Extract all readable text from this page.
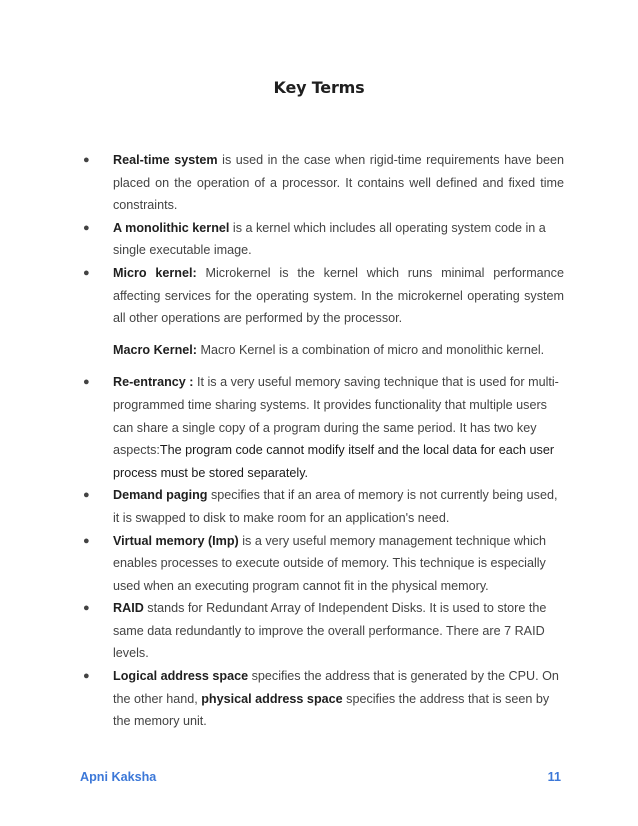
Key Terms
● Real-time system is used in the case when rigid-time requirements have been placed on the operation of a processor. It contains well defined and fixed time constraints.
● A monolithic kernel is a kernel which includes all operating system code in a single executable image.
● Micro kernel: Microkernel is the kernel which runs minimal performance affecting services for the operating system. In the microkernel operating system all other operations are performed by the processor.

Macro Kernel: Macro Kernel is a combination of micro and monolithic kernel.

● Re-entrancy : It is a very useful memory saving technique that is used for multi-programmed time sharing systems. It provides functionality that multiple users can share a single copy of a program during the same period. It has two key aspects:The program code cannot modify itself and the local data for each user process must be stored separately.
● Demand paging specifies that if an area of memory is not currently being used, it is swapped to disk to make room for an application's need.
● Virtual memory (Imp) is a very useful memory management technique which enables processes to execute outside of memory. This technique is especially used when an executing program cannot fit in the physical memory.
● RAID stands for Redundant Array of Independent Disks. It is used to store the same data redundantly to improve the overall performance. There are 7 RAID levels.
● Logical address space specifies the address that is generated by the CPU. On the other hand, physical address space specifies the address that is seen by the memory unit.
Apni Kaksha	11
